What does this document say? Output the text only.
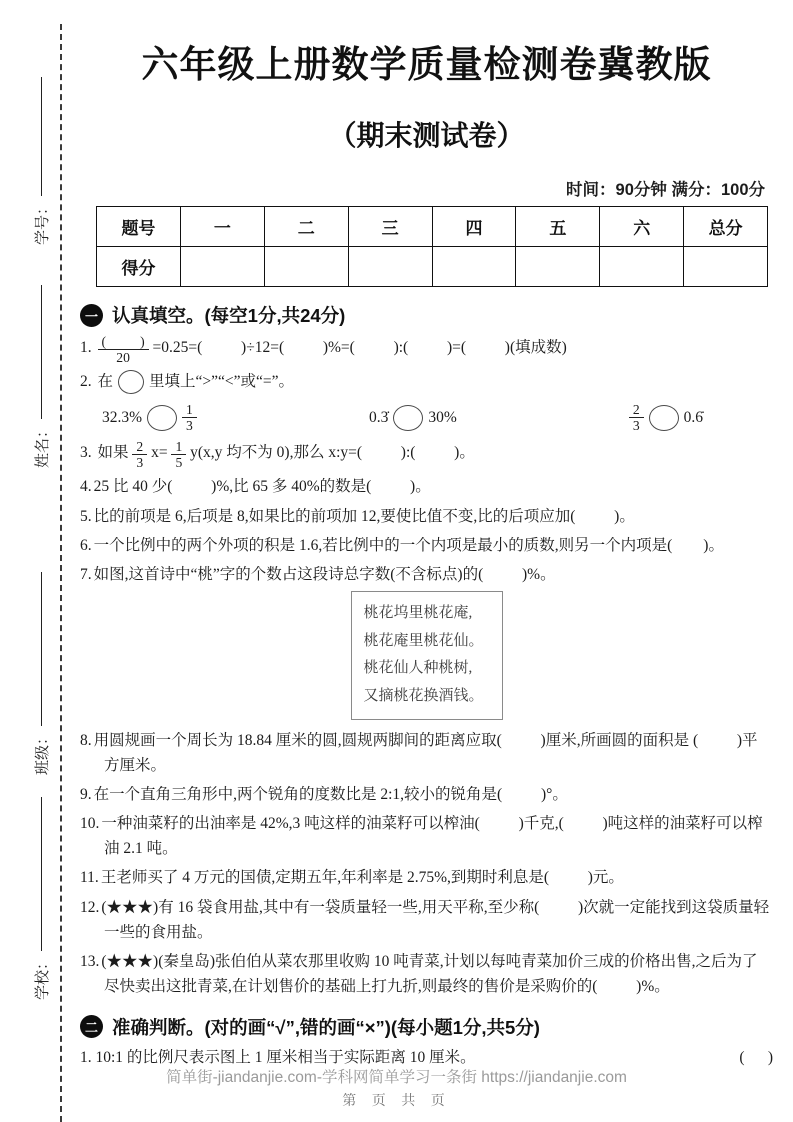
学号：
姓名：
班级：
学校：
六年级上册数学质量检测卷冀教版
（期末测试卷）
时间：90分钟 满分：100分
题号	一	二	三	四	五	六	总分
得分							
一 认真填空。(每空1分,共24分)
1. $\frac{( )}{20} =0.25=$(          )÷12=(          )%=(          ):(          )=(          )(填成数)
2. 在 里填上“>”“<”或“=”。
32.3%	$\frac{1}{3}$	0.3̇	30%	$\frac{2}{3}$	0.6̇
3. 如果 $\frac{2}{3} x= \frac{1}{5} y(x,y$ 均不为 0),那么 x:y=(          ):(          )。
4. 25 比 40 少(          )%,比 65 多 40%的数是(          )。
5. 比的前项是 6,后项是 8,如果比的前项加 12,要使比值不变,比的后项应加(          )。
6. 一个比例中的两个外项的积是 1.6,若比例中的一个内项是最小的质数,则另一个内项是(        )。
7. 如图,这首诗中“桃”字的个数占这段诗总字数(不含标点)的(          )%。
桃花坞里桃花庵,
桃花庵里桃花仙。
桃花仙人种桃树,
又摘桃花换酒钱。
8. 用圆规画一个周长为 18.84 厘米的圆,圆规两脚间的距离应取(          )厘米,所画圆的面积是 (          )平方厘米。
9. 在一个直角三角形中,两个锐角的度数比是 2:1,较小的锐角是(          )°。
10. 一种油菜籽的出油率是 42%,3 吨这样的油菜籽可以榨油(          )千克,(          )吨这样的油菜籽可以榨油 2.1 吨。
11. 王老师买了 4 万元的国债,定期五年,年利率是 2.75%,到期时利息是(          )元。
12. (★★★)有 16 袋食用盐,其中有一袋质量轻一些,用天平称,至少称(          )次就一定能找到这袋质量轻一些的食用盐。
13. (★★★)(秦皇岛)张伯伯从菜农那里收购 10 吨青菜,计划以每吨青菜加价三成的价格出售,之后为了尽快卖出这批青菜,在计划售价的基础上打九折,则最终的售价是采购价的(          )%。
二 准确判断。(对的画“√”,错的画“×”)(每小题1分,共5分)
1. 10:1 的比例尺表示图上 1 厘米相当于实际距离 10 厘米。	(      )
简单街-jiandanjie.com-学科网简单学习一条街 https://jiandanjie.com
第 页 共 页
